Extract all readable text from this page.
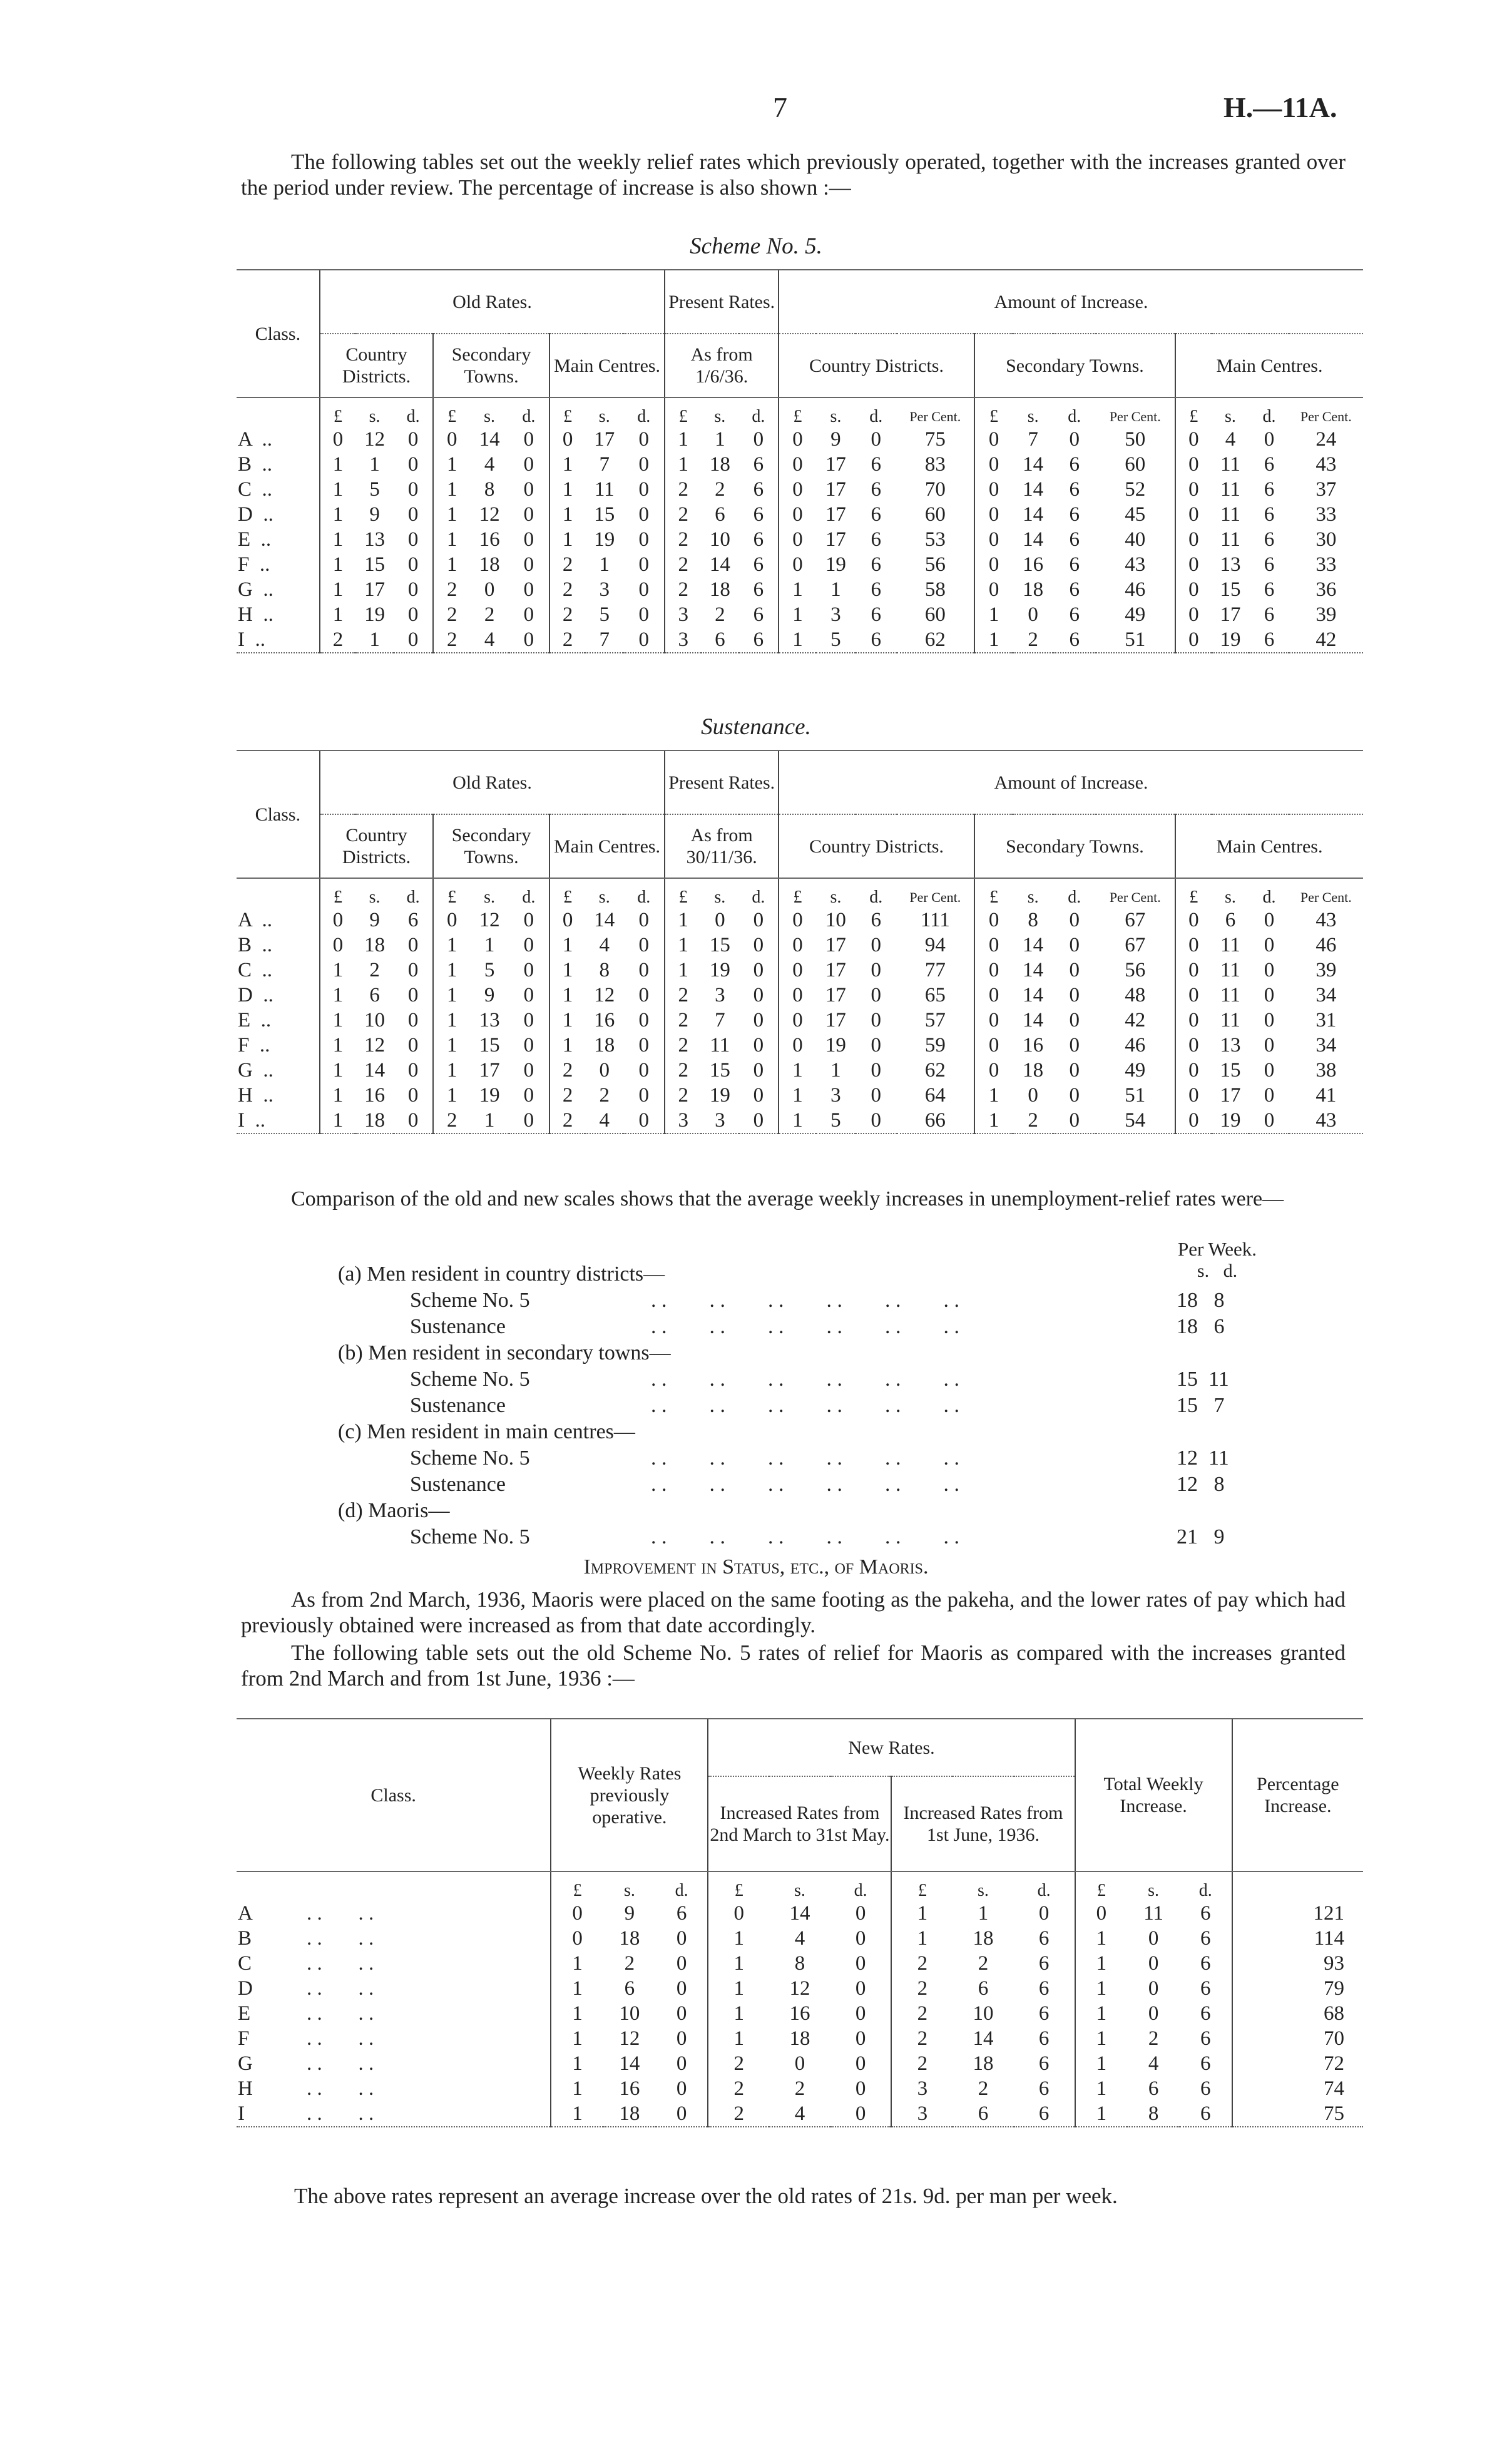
7	H.—11A.
The following tables set out the weekly relief rates which previously operated, together with the increases granted over the period under review. The percentage of increase is also shown :—
Scheme No. 5.
Class.	Old Rates.									Present Rates.			Amount of Increase.											
	Country Districts.			Secondary Towns.			Main Centres.			As from 1/6/36.			Country Districts.				Secondary Towns.				Main Centres.			
	£	s.	d.	£	s.	d.	£	s.	d.	£	s.	d.	£	s.	d.	Per Cent.	£	s.	d.	Per Cent.	£	s.	d.	Per Cent.
A  ..	0	12	0	0	14	0	0	17	0	1	1	0	0	9	0	75	0	7	0	50	0	4	0	24
B  ..	1	1	0	1	4	0	1	7	0	1	18	6	0	17	6	83	0	14	6	60	0	11	6	43
C  ..	1	5	0	1	8	0	1	11	0	2	2	6	0	17	6	70	0	14	6	52	0	11	6	37
D  ..	1	9	0	1	12	0	1	15	0	2	6	6	0	17	6	60	0	14	6	45	0	11	6	33
E  ..	1	13	0	1	16	0	1	19	0	2	10	6	0	17	6	53	0	14	6	40	0	11	6	30
F  ..	1	15	0	1	18	0	2	1	0	2	14	6	0	19	6	56	0	16	6	43	0	13	6	33
G  ..	1	17	0	2	0	0	2	3	0	2	18	6	1	1	6	58	0	18	6	46	0	15	6	36
H  ..	1	19	0	2	2	0	2	5	0	3	2	6	1	3	6	60	1	0	6	49	0	17	6	39
I  ..	2	1	0	2	4	0	2	7	0	3	6	6	1	5	6	62	1	2	6	51	0	19	6	42
Sustenance.
Class.	Old Rates.									Present Rates.			Amount of Increase.											
	Country Districts.			Secondary Towns.			Main Centres.			As from 30/11/36.			Country Districts.				Secondary Towns.				Main Centres.			
	£	s.	d.	£	s.	d.	£	s.	d.	£	s.	d.	£	s.	d.	Per Cent.	£	s.	d.	Per Cent.	£	s.	d.	Per Cent.
A  ..	0	9	6	0	12	0	0	14	0	1	0	0	0	10	6	111	0	8	0	67	0	6	0	43
B  ..	0	18	0	1	1	0	1	4	0	1	15	0	0	17	0	94	0	14	0	67	0	11	0	46
C  ..	1	2	0	1	5	0	1	8	0	1	19	0	0	17	0	77	0	14	0	56	0	11	0	39
D  ..	1	6	0	1	9	0	1	12	0	2	3	0	0	17	0	65	0	14	0	48	0	11	0	34
E  ..	1	10	0	1	13	0	1	16	0	2	7	0	0	17	0	57	0	14	0	42	0	11	0	31
F  ..	1	12	0	1	15	0	1	18	0	2	11	0	0	19	0	59	0	16	0	46	0	13	0	34
G  ..	1	14	0	1	17	0	2	0	0	2	15	0	1	1	0	62	0	18	0	49	0	15	0	38
H  ..	1	16	0	1	19	0	2	2	0	2	19	0	1	3	0	64	1	0	0	51	0	17	0	41
I  ..	1	18	0	2	1	0	2	4	0	3	3	0	1	5	0	66	1	2	0	54	0	19	0	43
Comparison of the old and new scales shows that the average weekly increases in unemployment-relief rates were—
Per Week.
s.   d.
(a) Men resident in country districts—
Scheme No. 5	. .        . .        . .        . .        . .        . .	18   8
Sustenance	. .        . .        . .        . .        . .        . .	18   6
(b) Men resident in secondary towns—
Scheme No. 5	. .        . .        . .        . .        . .        . .	15  11
Sustenance	. .        . .        . .        . .        . .        . .	15   7
(c) Men resident in main centres—
Scheme No. 5	. .        . .        . .        . .        . .        . .	12  11
Sustenance	. .        . .        . .        . .        . .        . .	12   8
(d) Maoris—
Scheme No. 5	. .        . .        . .        . .        . .        . .	21   9
Improvement in Status, etc., of Maoris.
As from 2nd March, 1936, Maoris were placed on the same footing as the pakeha, and the lower rates of pay which had previously obtained were increased as from that date accordingly.
The following table sets out the old Scheme No. 5 rates of relief for Maoris as compared with the increases granted from 2nd March and from 1st June, 1936 :—
Class.	Weekly Rates previously operative.			New Rates.						Total Weekly Increase.			Percentage Increase.
				Increased Rates from 2nd March to 31st May.			Increased Rates from 1st June, 1936.						
	£	s.	d.	£	s.	d.	£	s.	d.	£	s.	d.	
A . .       . .	0	9	6	0	14	0	1	1	0	0	11	6	121
B . .       . .	0	18	0	1	4	0	1	18	6	1	0	6	114
C . .       . .	1	2	0	1	8	0	2	2	6	1	0	6	93
D . .       . .	1	6	0	1	12	0	2	6	6	1	0	6	79
E . .       . .	1	10	0	1	16	0	2	10	6	1	0	6	68
F . .       . .	1	12	0	1	18	0	2	14	6	1	2	6	70
G . .       . .	1	14	0	2	0	0	2	18	6	1	4	6	72
H . .       . .	1	16	0	2	2	0	3	2	6	1	6	6	74
I . .       . .	1	18	0	2	4	0	3	6	6	1	8	6	75
The above rates represent an average increase over the old rates of 21s. 9d. per man per week.
